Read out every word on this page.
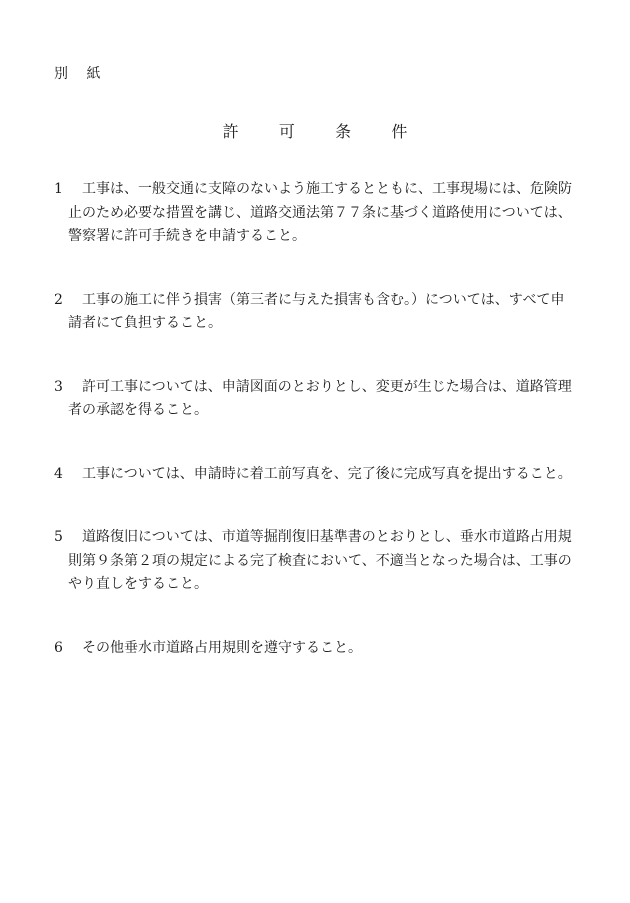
別 紙
許 可 条 件
1	工事は、一般交通に支障のないよう施工するとともに、工事現場には、危険防
止のため必要な措置を講じ、道路交通法第７７条に基づく道路使用については、
警察署に許可手続きを申請すること。
2	工事の施工に伴う損害（第三者に与えた損害も含む。）については、すべて申
請者にて負担すること。
3	許可工事については、申請図面のとおりとし、変更が生じた場合は、道路管理
者の承認を得ること。
4	工事については、申請時に着工前写真を、完了後に完成写真を提出すること。
5	道路復旧については、市道等掘削復旧基準書のとおりとし、垂水市道路占用規
則第９条第２項の規定による完了検査において、不適当となった場合は、工事の
やり直しをすること。
6	その他垂水市道路占用規則を遵守すること。
